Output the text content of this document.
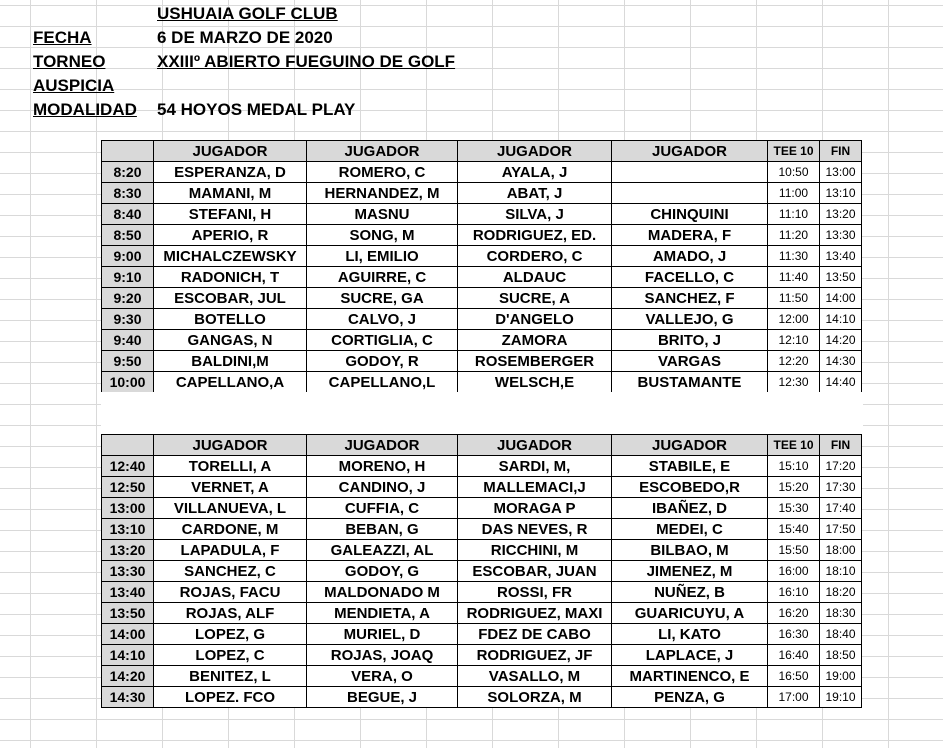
USHUAIA GOLF CLUB
FECHA	6 DE MARZO DE 2020
TORNEO	XXIIIº ABIERTO FUEGUINO DE GOLF
AUSPICIA
MODALIDAD 54 HOYOS MEDAL PLAY
	JUGADOR	JUGADOR	JUGADOR	JUGADOR	TEE 10	FIN
8:20	ESPERANZA, D	ROMERO, C	AYALA, J		10:50	13:00
8:30	MAMANI, M	HERNANDEZ, M	ABAT, J		11:00	13:10
8:40	STEFANI, H	MASNU	SILVA, J	CHINQUINI	11:10	13:20
8:50	APERIO, R	SONG, M	RODRIGUEZ, ED.	MADERA, F	11:20	13:30
9:00	MICHALCZEWSKY	LI, EMILIO	CORDERO, C	AMADO, J	11:30	13:40
9:10	RADONICH, T	AGUIRRE, C	ALDAUC	FACELLO, C	11:40	13:50
9:20	ESCOBAR, JUL	SUCRE, GA	SUCRE, A	SANCHEZ, F	11:50	14:00
9:30	BOTELLO	CALVO, J	D'ANGELO	VALLEJO, G	12:00	14:10
9:40	GANGAS, N	CORTIGLIA, C	ZAMORA	BRITO, J	12:10	14:20
9:50	BALDINI,M	GODOY, R	ROSEMBERGER	VARGAS	12:20	14:30
10:00	CAPELLANO,A	CAPELLANO,L	WELSCH,E	BUSTAMANTE	12:30	14:40
	JUGADOR	JUGADOR	JUGADOR	JUGADOR	TEE 10	FIN
12:40	TORELLI, A	MORENO, H	SARDI, M,	STABILE, E	15:10	17:20
12:50	VERNET, A	CANDINO, J	MALLEMACI,J	ESCOBEDO,R	15:20	17:30
13:00	VILLANUEVA, L	CUFFIA, C	MORAGA P	IBAÑEZ, D	15:30	17:40
13:10	CARDONE, M	BEBAN, G	DAS NEVES, R	MEDEI, C	15:40	17:50
13:20	LAPADULA, F	GALEAZZI, AL	RICCHINI, M	BILBAO, M	15:50	18:00
13:30	SANCHEZ, C	GODOY, G	ESCOBAR, JUAN	JIMENEZ, M	16:00	18:10
13:40	ROJAS, FACU	MALDONADO M	ROSSI, FR	NUÑEZ, B	16:10	18:20
13:50	ROJAS, ALF	MENDIETA, A	RODRIGUEZ, MAXI	GUARICUYU, A	16:20	18:30
14:00	LOPEZ, G	MURIEL, D	FDEZ DE CABO	LI, KATO	16:30	18:40
14:10	LOPEZ, C	ROJAS, JOAQ	RODRIGUEZ, JF	LAPLACE, J	16:40	18:50
14:20	BENITEZ, L	VERA, O	VASALLO, M	MARTINENCO, E	16:50	19:00
14:30	LOPEZ. FCO	BEGUE, J	SOLORZA, M	PENZA, G	17:00	19:10
